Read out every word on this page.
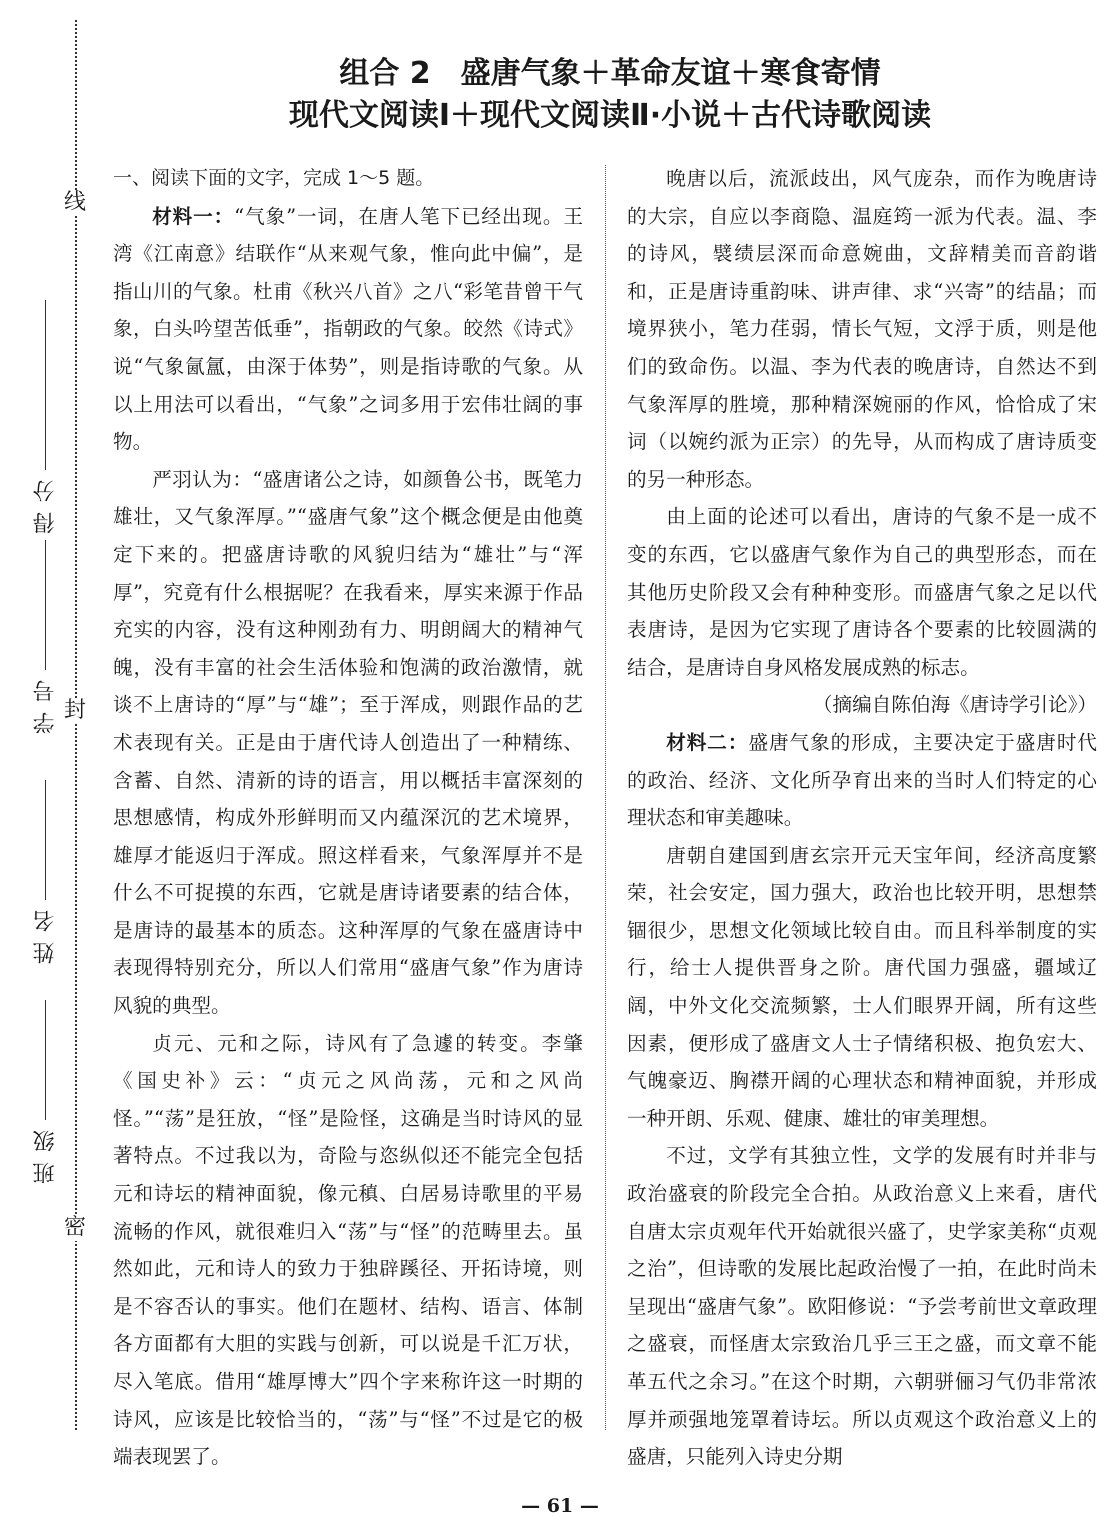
线
封
密
得分
学号
姓名
班级
组合 2　盛唐气象＋革命友谊＋寒食寄情
现代文阅读Ⅰ＋现代文阅读Ⅱ·小说＋古代诗歌阅读

一、阅读下面的文字，完成 1～5 题。

材料一：“气象”一词，在唐人笔下已经出现。王湾《江南意》结联作“从来观气象，惟向此中偏”，是指山川的气象。杜甫《秋兴八首》之八“彩笔昔曾干气象，白头吟望苦低垂”，指朝政的气象。皎然《诗式》说“气象氤氲，由深于体势”，则是指诗歌的气象。从以上用法可以看出，“气象”之词多用于宏伟壮阔的事物。

严羽认为：“盛唐诸公之诗，如颜鲁公书，既笔力雄壮，又气象浑厚。”“盛唐气象”这个概念便是由他奠定下来的。把盛唐诗歌的风貌归结为“雄壮”与“浑厚”，究竟有什么根据呢？在我看来，厚实来源于作品充实的内容，没有这种刚劲有力、明朗阔大的精神气魄，没有丰富的社会生活体验和饱满的政治激情，就谈不上唐诗的“厚”与“雄”；至于浑成，则跟作品的艺术表现有关。正是由于唐代诗人创造出了一种精练、含蓄、自然、清新的诗的语言，用以概括丰富深刻的思想感情，构成外形鲜明而又内蕴深沉的艺术境界，雄厚才能返归于浑成。照这样看来，气象浑厚并不是什么不可捉摸的东西，它就是唐诗诸要素的结合体，是唐诗的最基本的质态。这种浑厚的气象在盛唐诗中表现得特别充分，所以人们常用“盛唐气象”作为唐诗风貌的典型。

贞元、元和之际，诗风有了急遽的转变。李肇《国史补》云：“贞元之风尚荡，元和之风尚怪。”“荡”是狂放，“怪”是险怪，这确是当时诗风的显著特点。不过我以为，奇险与恣纵似还不能完全包括元和诗坛的精神面貌，像元稹、白居易诗歌里的平易流畅的作风，就很难归入“荡”与“怪”的范畴里去。虽然如此，元和诗人的致力于独辟蹊径、开拓诗境，则是不容否认的事实。他们在题材、结构、语言、体制各方面都有大胆的实践与创新，可以说是千汇万状，尽入笔底。借用“雄厚博大”四个字来称许这一时期的诗风，应该是比较恰当的，“荡”与“怪”不过是它的极端表现罢了。

晚唐以后，流派歧出，风气庞杂，而作为晚唐诗的大宗，自应以李商隐、温庭筠一派为代表。温、李的诗风，襞绩层深而命意婉曲，文辞精美而音韵谐和，正是唐诗重韵味、讲声律、求“兴寄”的结晶；而境界狭小，笔力荏弱，情长气短，文浮于质，则是他们的致命伤。以温、李为代表的晚唐诗，自然达不到气象浑厚的胜境，那种精深婉丽的作风，恰恰成了宋词（以婉约派为正宗）的先导，从而构成了唐诗质变的另一种形态。

由上面的论述可以看出，唐诗的气象不是一成不变的东西，它以盛唐气象作为自己的典型形态，而在其他历史阶段又会有种种变形。而盛唐气象之足以代表唐诗，是因为它实现了唐诗各个要素的比较圆满的结合，是唐诗自身风格发展成熟的标志。

（摘编自陈伯海《唐诗学引论》）

材料二：盛唐气象的形成，主要决定于盛唐时代的政治、经济、文化所孕育出来的当时人们特定的心理状态和审美趣味。

唐朝自建国到唐玄宗开元天宝年间，经济高度繁荣，社会安定，国力强大，政治也比较开明，思想禁锢很少，思想文化领域比较自由。而且科举制度的实行，给士人提供晋身之阶。唐代国力强盛，疆域辽阔，中外文化交流频繁，士人们眼界开阔，所有这些因素，便形成了盛唐文人士子情绪积极、抱负宏大、气魄豪迈、胸襟开阔的心理状态和精神面貌，并形成一种开朗、乐观、健康、雄壮的审美理想。

不过，文学有其独立性，文学的发展有时并非与政治盛衰的阶段完全合拍。从政治意义上来看，唐代自唐太宗贞观年代开始就很兴盛了，史学家美称“贞观之治”，但诗歌的发展比起政治慢了一拍，在此时尚未呈现出“盛唐气象”。欧阳修说：“予尝考前世文章政理之盛衰，而怪唐太宗致治几乎三王之盛，而文章不能革五代之余习。”在这个时期，六朝骈俪习气仍非常浓厚并顽强地笼罩着诗坛。所以贞观这个政治意义上的盛唐，只能列入诗史分期

— 61 —
